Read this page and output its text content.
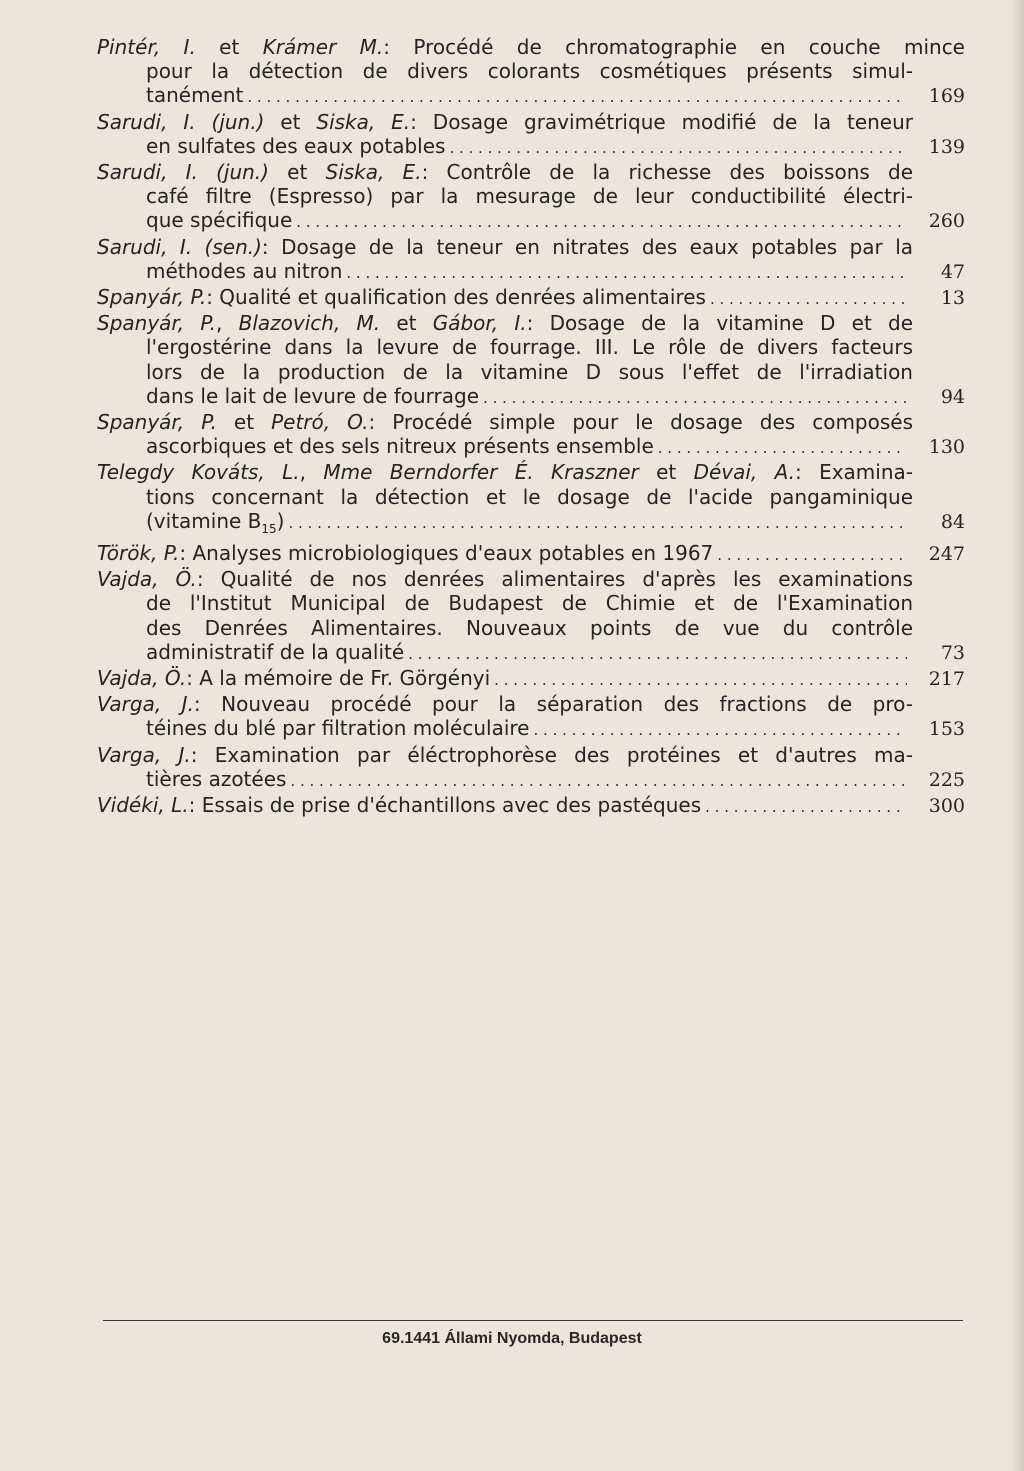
Pintér, I. et Krámer M.: Procédé de chromatographie en couche mince
pour la détection de divers colorants cosmétiques présents simul-
tanément . . .	169
Sarudi, I. (jun.) et Siska, E.: Dosage gravimétrique modifié de la teneur
en sulfates des eaux potables . . .	139
Sarudi, I. (jun.) et Siska, E.: Contrôle de la richesse des boissons de
café filtre (Espresso) par la mesurage de leur conductibilité électri-
que spécifique . . .	260
Sarudi, I. (sen.): Dosage de la teneur en nitrates des eaux potables par la
méthodes au nitron . . .	47
Spanyár, P. : Qualité et qualification des denrées alimentaires . . .	13
Spanyár, P., Blazovich, M. et Gábor, I.: Dosage de la vitamine D et de
l'ergostérine dans la levure de fourrage. III. Le rôle de divers facteurs
lors de la production de la vitamine D sous l'effet de l'irradiation
dans le lait de levure de fourrage . . .	94
Spanyár, P. et Petró, O.: Procédé simple pour le dosage des composés
ascorbiques et des sels nitreux présents ensemble . . .	130
Telegdy Kováts, L., Mme Berndorfer É. Kraszner et Dévai, A.: Examina-
tions concernant la détection et le dosage de l'acide pangaminique
(vitamine $B_{15}$) . . .	84
Török, P. : Analyses microbiologiques d'eaux potables en 1967 . . .	247
Vajda, Ö.: Qualité de nos denrées alimentaires d'après les examinations
de l'Institut Municipal de Budapest de Chimie et de l'Examination
des Denrées Alimentaires. Nouveaux points de vue du contrôle
administratif de la qualité . . .	73
Vajda, Ö. : A la mémoire de Fr. Görgényi . . .	217
Varga, J.: Nouveau procédé pour la séparation des fractions de pro-
téines du blé par filtration moléculaire . . .	153
Varga, J.: Examination par éléctrophorèse des protéines et d'autres ma-
tières azotées . . .	225
Vidéki, L. : Essais de prise d'échantillons avec des pastéques . . .	300
69.1441 Állami Nyomda, Budapest
